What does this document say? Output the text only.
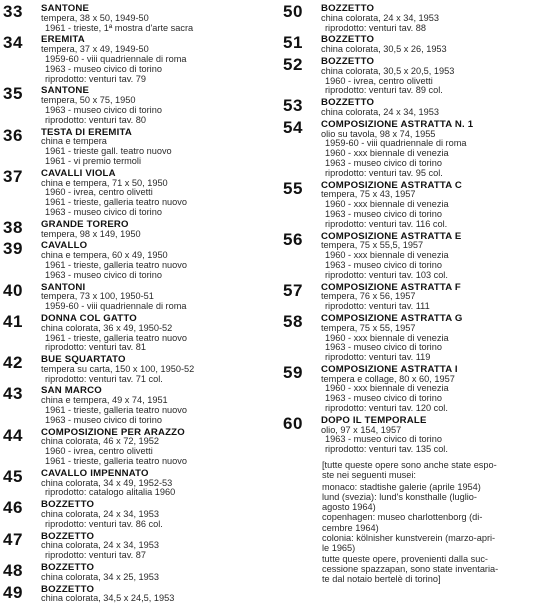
33 SANTONE
tempera, 38 x 50, 1949-50
1961 - trieste, 1ª mostra d'arte sacra
34 EREMITA
tempera, 37 x 49, 1949-50
1959-60 - viii quadriennale di roma
1963 - museo civico di torino
riprodotto: venturi tav. 79
35 SANTONE
tempera, 50 x 75, 1950
1963 - museo civico di torino
riprodotto: venturi tav. 80
36 TESTA DI EREMITA
china e tempera
1961 - trieste gall. teatro nuovo
1961 - vi premio termoli
37 CAVALLI VIOLA
china e tempera, 71 x 50, 1950
1960 - ivrea, centro olivetti
1961 - trieste, galleria teatro nuovo
1963 - museo civico di torino
38 GRANDE TORERO
tempera, 98 x 149, 1950
39 CAVALLO
china e tempera, 60 x 49, 1950
1961 - trieste, galleria teatro nuovo
1963 - museo civico di torino
40 SANTONI
tempera, 73 x 100, 1950-51
1959-60 - viii quadriennale di roma
41 DONNA COL GATTO
china colorata, 36 x 49, 1950-52
1961 - trieste, galleria teatro nuovo
riprodotto: venturi tav. 81
42 BUE SQUARTATO
tempera su carta, 150 x 100, 1950-52
riprodotto: venturi tav. 71 col.
43 SAN MARCO
china e tempera, 49 x 74, 1951
1961 - trieste, galleria teatro nuovo
1963 - museo civico di torino
44 COMPOSIZIONE PER ARAZZO
china colorata, 46 x 72, 1952
1960 - ivrea, centro olivetti
1961 - trieste, galleria teatro nuovo
45 CAVALLO IMPENNATO
china colorata, 34 x 49, 1952-53
riprodotto: catalogo alitalia 1960
46 BOZZETTO
china colorata, 24 x 34, 1953
riprodotto: venturi tav. 86 col.
47 BOZZETTO
china colorata, 24 x 34, 1953
riprodotto: venturi tav. 87
48 BOZZETTO
china colorata, 34 x 25, 1953
49 BOZZETTO
china colorata, 34,5 x 24,5, 1953
50 BOZZETTO
china colorata, 24 x 34, 1953
riprodotto: venturi tav. 88
51 BOZZETTO
china colorata, 30,5 x 26, 1953
52 BOZZETTO
china colorata, 30,5 x 20,5, 1953
1960 - ivrea, centro olivetti
riprodotto: venturi tav. 89 col.
53 BOZZETTO
china colorata, 24 x 34, 1953
54 COMPOSIZIONE ASTRATTA N. 1
olio su tavola, 98 x 74, 1955
1959-60 - viii quadriennale di roma
1960 - xxx biennale di venezia
1963 - museo civico di torino
riprodotto: venturi tav. 95 col.
55 COMPOSIZIONE ASTRATTA C
tempera, 75 x 43, 1957
1960 - xxx biennale di venezia
1963 - museo civico di torino
riprodotto: venturi tav. 116 col.
56 COMPOSIZIONE ASTRATTA E
tempera, 75 x 55,5, 1957
1960 - xxx biennale di venezia
1963 - museo civico di torino
riprodotto: venturi tav. 103 col.
57 COMPOSIZIONE ASTRATTA F
tempera, 76 x 56, 1957
riprodotto: venturi tav. 111
58 COMPOSIZIONE ASTRATTA G
tempera, 75 x 55, 1957
1960 - xxx biennale di venezia
1963 - museo civico di torino
riprodotto: venturi tav. 119
59 COMPOSIZIONE ASTRATTA I
tempera e collage, 80 x 60, 1957
1960 - xxx biennale di venezia
1963 - museo civico di torino
riprodotto: venturi tav. 120 col.
60 DOPO IL TEMPORALE
olio, 97 x 154, 1957
1963 - museo civico di torino
riprodotto: venturi tav. 135 col.

[tutte queste opere sono anche state espo-
ste nei seguenti musei:

monaco: stadtishe galerie (aprile 1954)

lund (svezia): lund's konsthalle (luglio-
agosto 1964)

copenhagen: museo charlottenborg (di-
cembre 1964)

colonia: kölnisher kunstverein (marzo-apri-
le 1965)

tutte queste opere, provenienti dalla suc-
cessione spazzapan, sono state inventaria-
te dal notaio bertelè di torino]
